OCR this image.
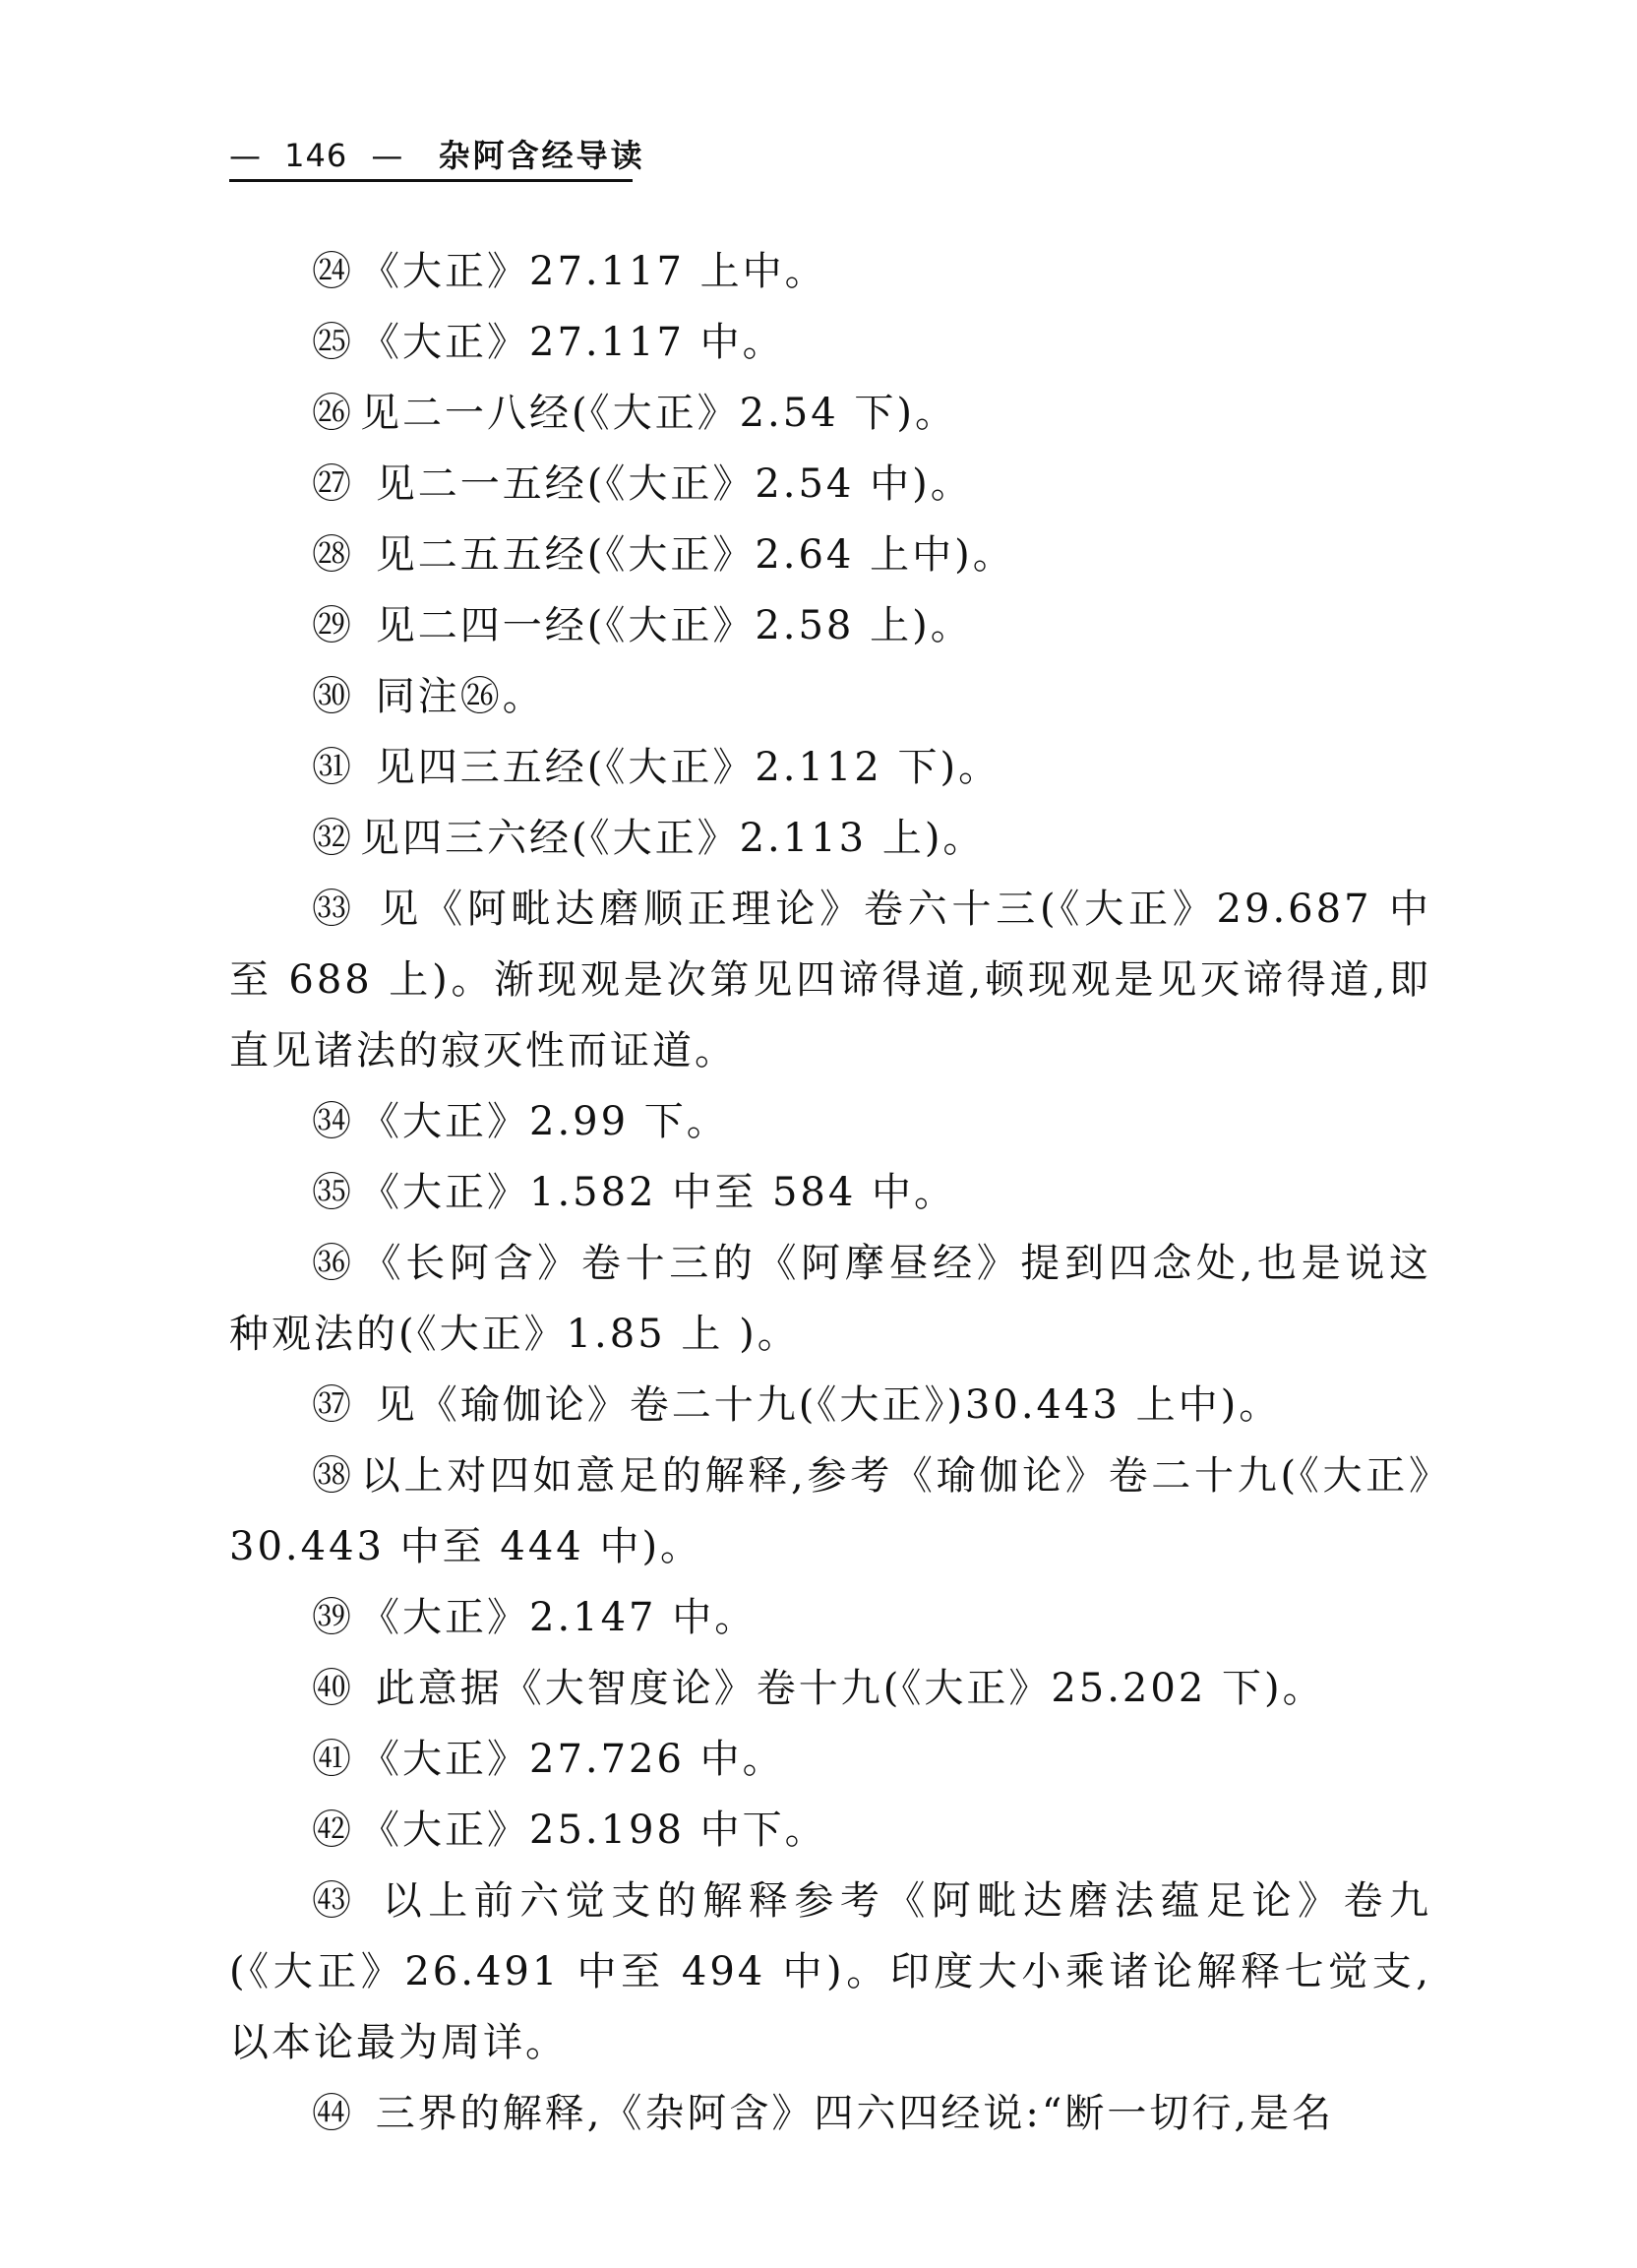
— 146 — 杂阿含经导读

㉔ 《大正》27.117 上中。

㉕ 《大正》27.117 中。

㉖ 见二一八经(《大正》2.54 下)。

㉗ 见二一五经(《大正》2.54 中)。

㉘ 见二五五经(《大正》2.64 上中)。

㉙ 见二四一经(《大正》2.58 上)。

㉚ 同注㉖。

㉛ 见四三五经(《大正》2.112 下)。

㉜ 见四三六经(《大正》2.113 上)。

㉝ 见《阿毗达磨顺正理论》卷六十三(《大正》29.687 中至 688 上)。渐现观是次第见四谛得道,顿现观是见灭谛得道,即直见诸法的寂灭性而证道。

㉞ 《大正》2.99 下。

㉟ 《大正》1.582 中至 584 中。

㊱ 《长阿含》卷十三的《阿摩昼经》提到四念处,也是说这种观法的(《大正》1.85 上 )。

㊲ 见《瑜伽论》卷二十九(《大正》)30.443 上中)。

㊳ 以上对四如意足的解释,参考《瑜伽论》卷二十九(《大正》30.443 中至 444 中)。

㊴ 《大正》2.147 中。

㊵ 此意据《大智度论》卷十九(《大正》25.202 下)。

㊶ 《大正》27.726 中。

㊷ 《大正》25.198 中下。

㊸ 以上前六觉支的解释参考《阿毗达磨法蕴足论》卷九(《大正》26.491 中至 494 中)。印度大小乘诸论解释七觉支,以本论最为周详。

㊹ 三界的解释,《杂阿含》四六四经说:“断一切行,是名
